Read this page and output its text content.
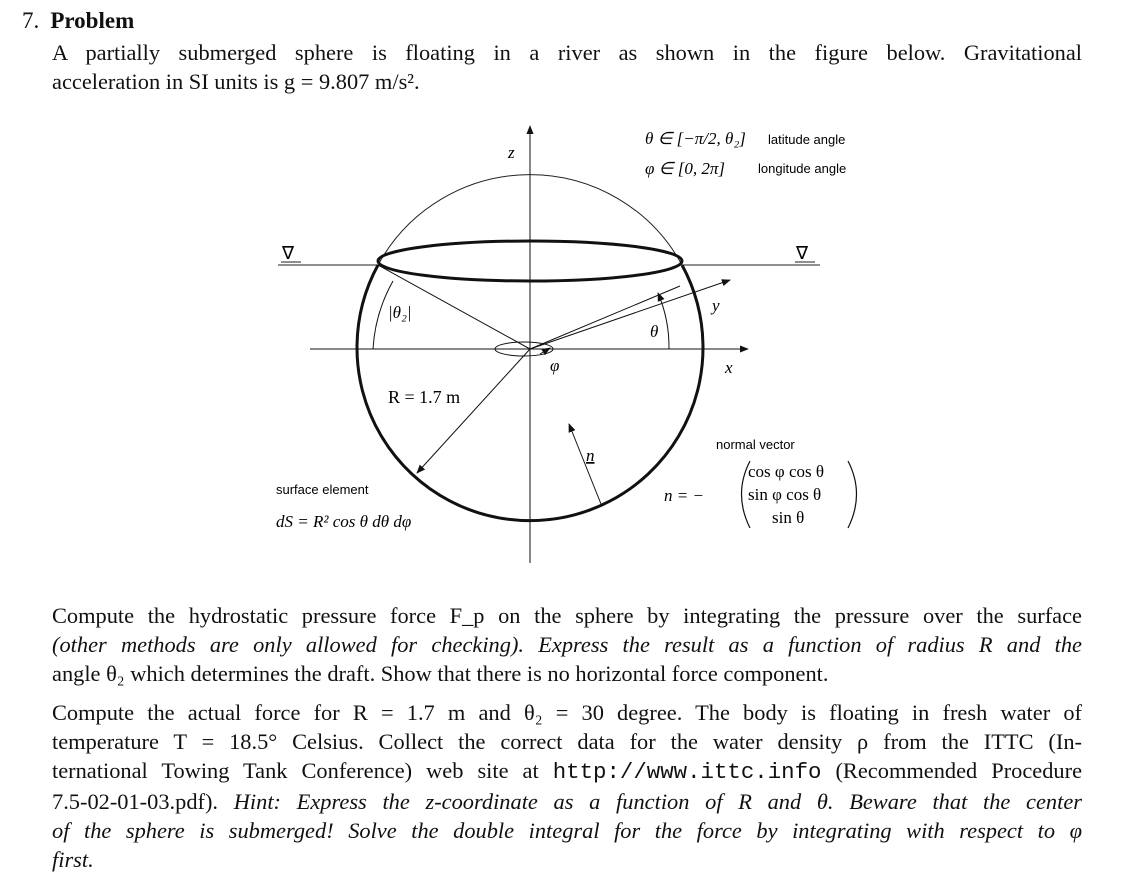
7. Problem
A partially submerged sphere is floating in a river as shown in the figure below. Gravitational
acceleration in SI units is g = 9.807 m/s².
∇	∇
z
y
x
θ ∈ [−π/2, θ₂] latitude angle
φ ∈ [0, 2π]	longitude angle
|θ₂|
θ
φ
R = 1.7 m
n
normal vector
n = −
cos φ cos θ
sin φ cos θ
sin θ
surface element
dS = R² cos θ dθ dφ
Compute the hydrostatic pressure force F_p on the sphere by integrating the pressure over the surface
(other methods are only allowed for checking). Express the result as a function of radius R and the
angle θ₂ which determines the draft. Show that there is no horizontal force component.
Compute the actual force for R = 1.7 m and θ₂ = 30 degree. The body is floating in fresh water of
temperature T = 18.5° Celsius. Collect the correct data for the water density ρ from the ITTC (In-
ternational Towing Tank Conference) web site at http://www.ittc.info (Recommended Procedure
7.5-02-01-03.pdf). Hint: Express the z-coordinate as a function of R and θ. Beware that the center
of the sphere is submerged! Solve the double integral for the force by integrating with respect to φ
first.
